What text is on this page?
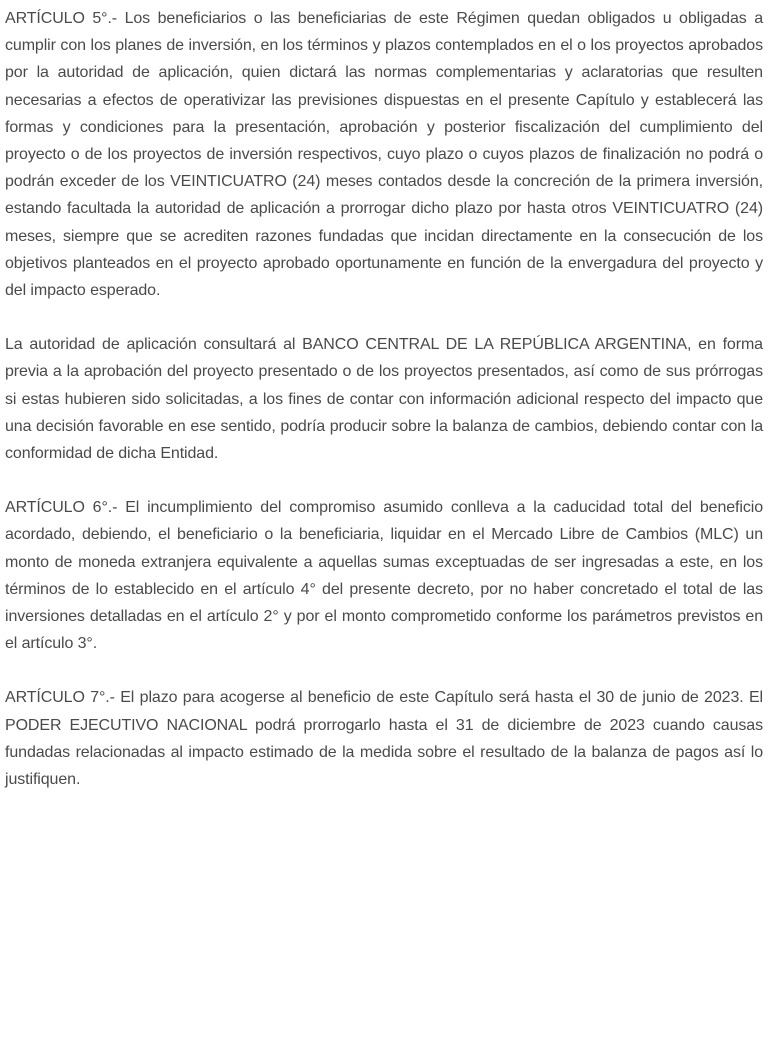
ARTÍCULO 5°.- Los beneficiarios o las beneficiarias de este Régimen quedan obligados u obligadas a cumplir con los planes de inversión, en los términos y plazos contemplados en el o los proyectos aprobados por la autoridad de aplicación, quien dictará las normas complementarias y aclaratorias que resulten necesarias a efectos de operativizar las previsiones dispuestas en el presente Capítulo y establecerá las formas y condiciones para la presentación, aprobación y posterior fiscalización del cumplimiento del proyecto o de los proyectos de inversión respectivos, cuyo plazo o cuyos plazos de finalización no podrá o podrán exceder de los VEINTICUATRO (24) meses contados desde la concreción de la primera inversión, estando facultada la autoridad de aplicación a prorrogar dicho plazo por hasta otros VEINTICUATRO (24) meses, siempre que se acrediten razones fundadas que incidan directamente en la consecución de los objetivos planteados en el proyecto aprobado oportunamente en función de la envergadura del proyecto y del impacto esperado.

La autoridad de aplicación consultará al BANCO CENTRAL DE LA REPÚBLICA ARGENTINA, en forma previa a la aprobación del proyecto presentado o de los proyectos presentados, así como de sus prórrogas si estas hubieren sido solicitadas, a los fines de contar con información adicional respecto del impacto que una decisión favorable en ese sentido, podría producir sobre la balanza de cambios, debiendo contar con la conformidad de dicha Entidad.

ARTÍCULO 6°.- El incumplimiento del compromiso asumido conlleva a la caducidad total del beneficio acordado, debiendo, el beneficiario o la beneficiaria, liquidar en el Mercado Libre de Cambios (MLC) un monto de moneda extranjera equivalente a aquellas sumas exceptuadas de ser ingresadas a este, en los términos de lo establecido en el artículo 4° del presente decreto, por no haber concretado el total de las inversiones detalladas en el artículo 2° y por el monto comprometido conforme los parámetros previstos en el artículo 3°.

ARTÍCULO 7°.- El plazo para acogerse al beneficio de este Capítulo será hasta el 30 de junio de 2023. El PODER EJECUTIVO NACIONAL podrá prorrogarlo hasta el 31 de diciembre de 2023 cuando causas fundadas relacionadas al impacto estimado de la medida sobre el resultado de la balanza de pagos así lo justifiquen.
